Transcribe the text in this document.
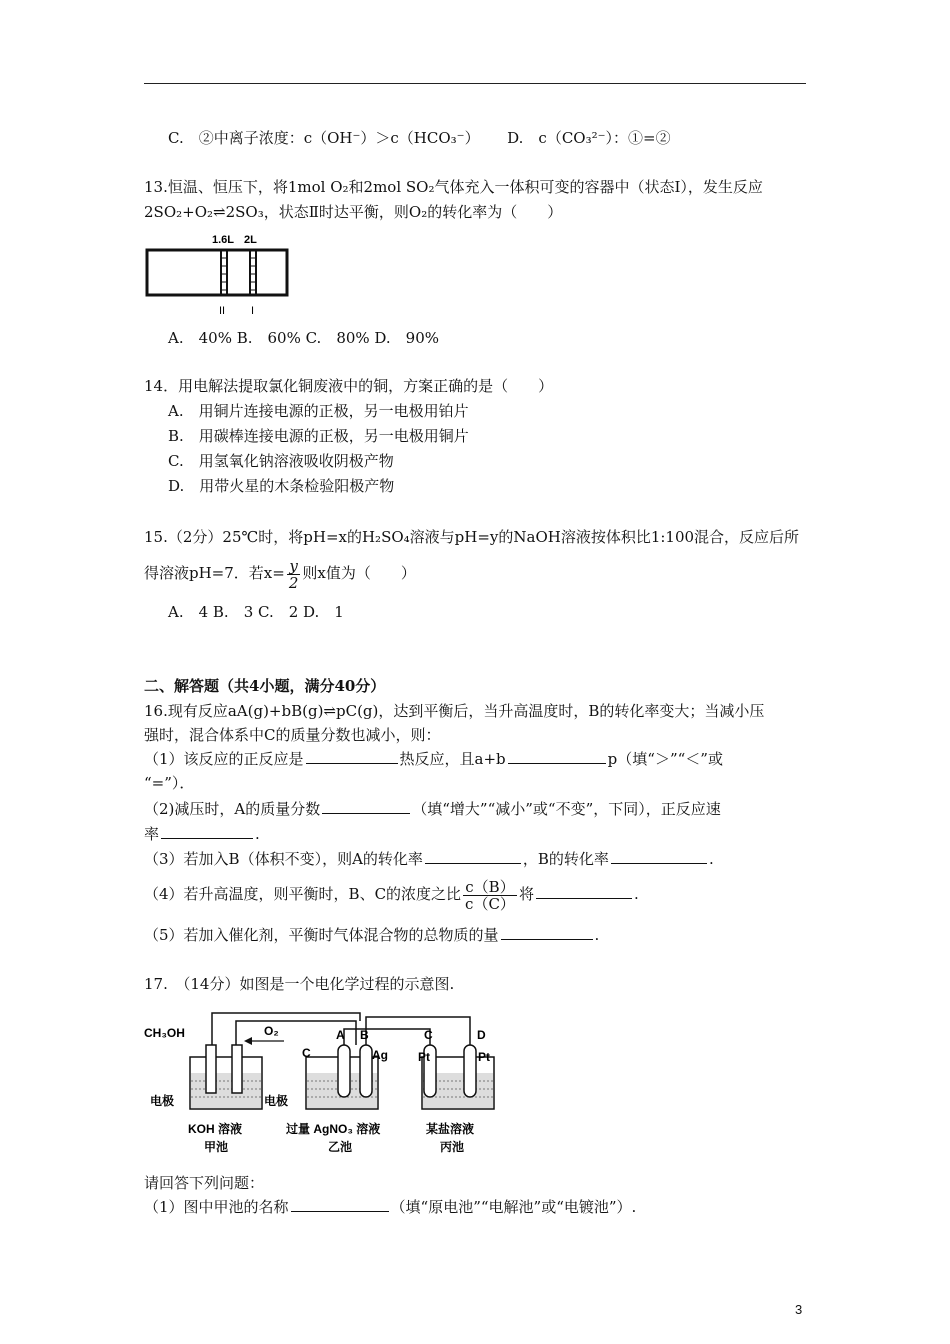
C.　②中离子浓度：c（OH⁻）＞c（HCO₃⁻） D.　c（CO₃²⁻）：①=②
13.恒温、恒压下，将1mol O₂和2mol SO₂气体充入一体积可变的容器中（状态Ⅰ），发生反应
2SO₂+O₂⇌2SO₃，状态Ⅱ时达平衡，则O₂的转化率为（　　）
1.6L 2L
II I
A.　40% B.　60% C.　80% D.　90%
14．用电解法提取氯化铜废液中的铜，方案正确的是（　　）
A.　用铜片连接电源的正极，另一电极用铂片
B.　用碳棒连接电源的正极，另一电极用铜片
C.　用氢氧化钠溶液吸收阴极产物
D.　用带火星的木条检验阳极产物
15.（2分）25℃时，将pH=x的H₂SO₄溶液与pH=y的NaOH溶液按体积比1:100混合，反应后所
得溶液pH=7．若$x= \frac{y}{2}$ 则x值为（　　）
A.　4 B.　3 C.　2 D.　1
二、解答题（共4小题，满分40分）
16.现有反应aA(g)+bB(g)⇌pC(g)，达到平衡后，当升高温度时，B的转化率变大；当减小压
强时，混合体系中C的质量分数也减小，则：
（1）该反应的正反应是	热反应，且a+b	p（填“＞”“＜”或
“=”）．
（2)减压时，A的质量分数	（填“增大”“减小”或“不变”，下同），正反应速
率	.
（3）若加入B（体积不变），则A的转化率	，B的转化率	.
（4）若升高温度，则平衡时，B、C的浓度之比 $\frac{c(B)}{c(C)}$ 将	.
（5）若加入催化剂，平衡时气体混合物的总物质的量	.
17.　（14分）如图是一个电化学过程的示意图.
CH₃OH	O₂	A B	C	D
C	Ag	Pt	Pt
电极	电极
KOH 溶液
甲池
过量 AgNO₃ 溶液
乙池
某盐溶液
丙池
请回答下列问题：
（1）图中甲池的名称	（填“原电池”“电解池”或“电镀池”）.
3
